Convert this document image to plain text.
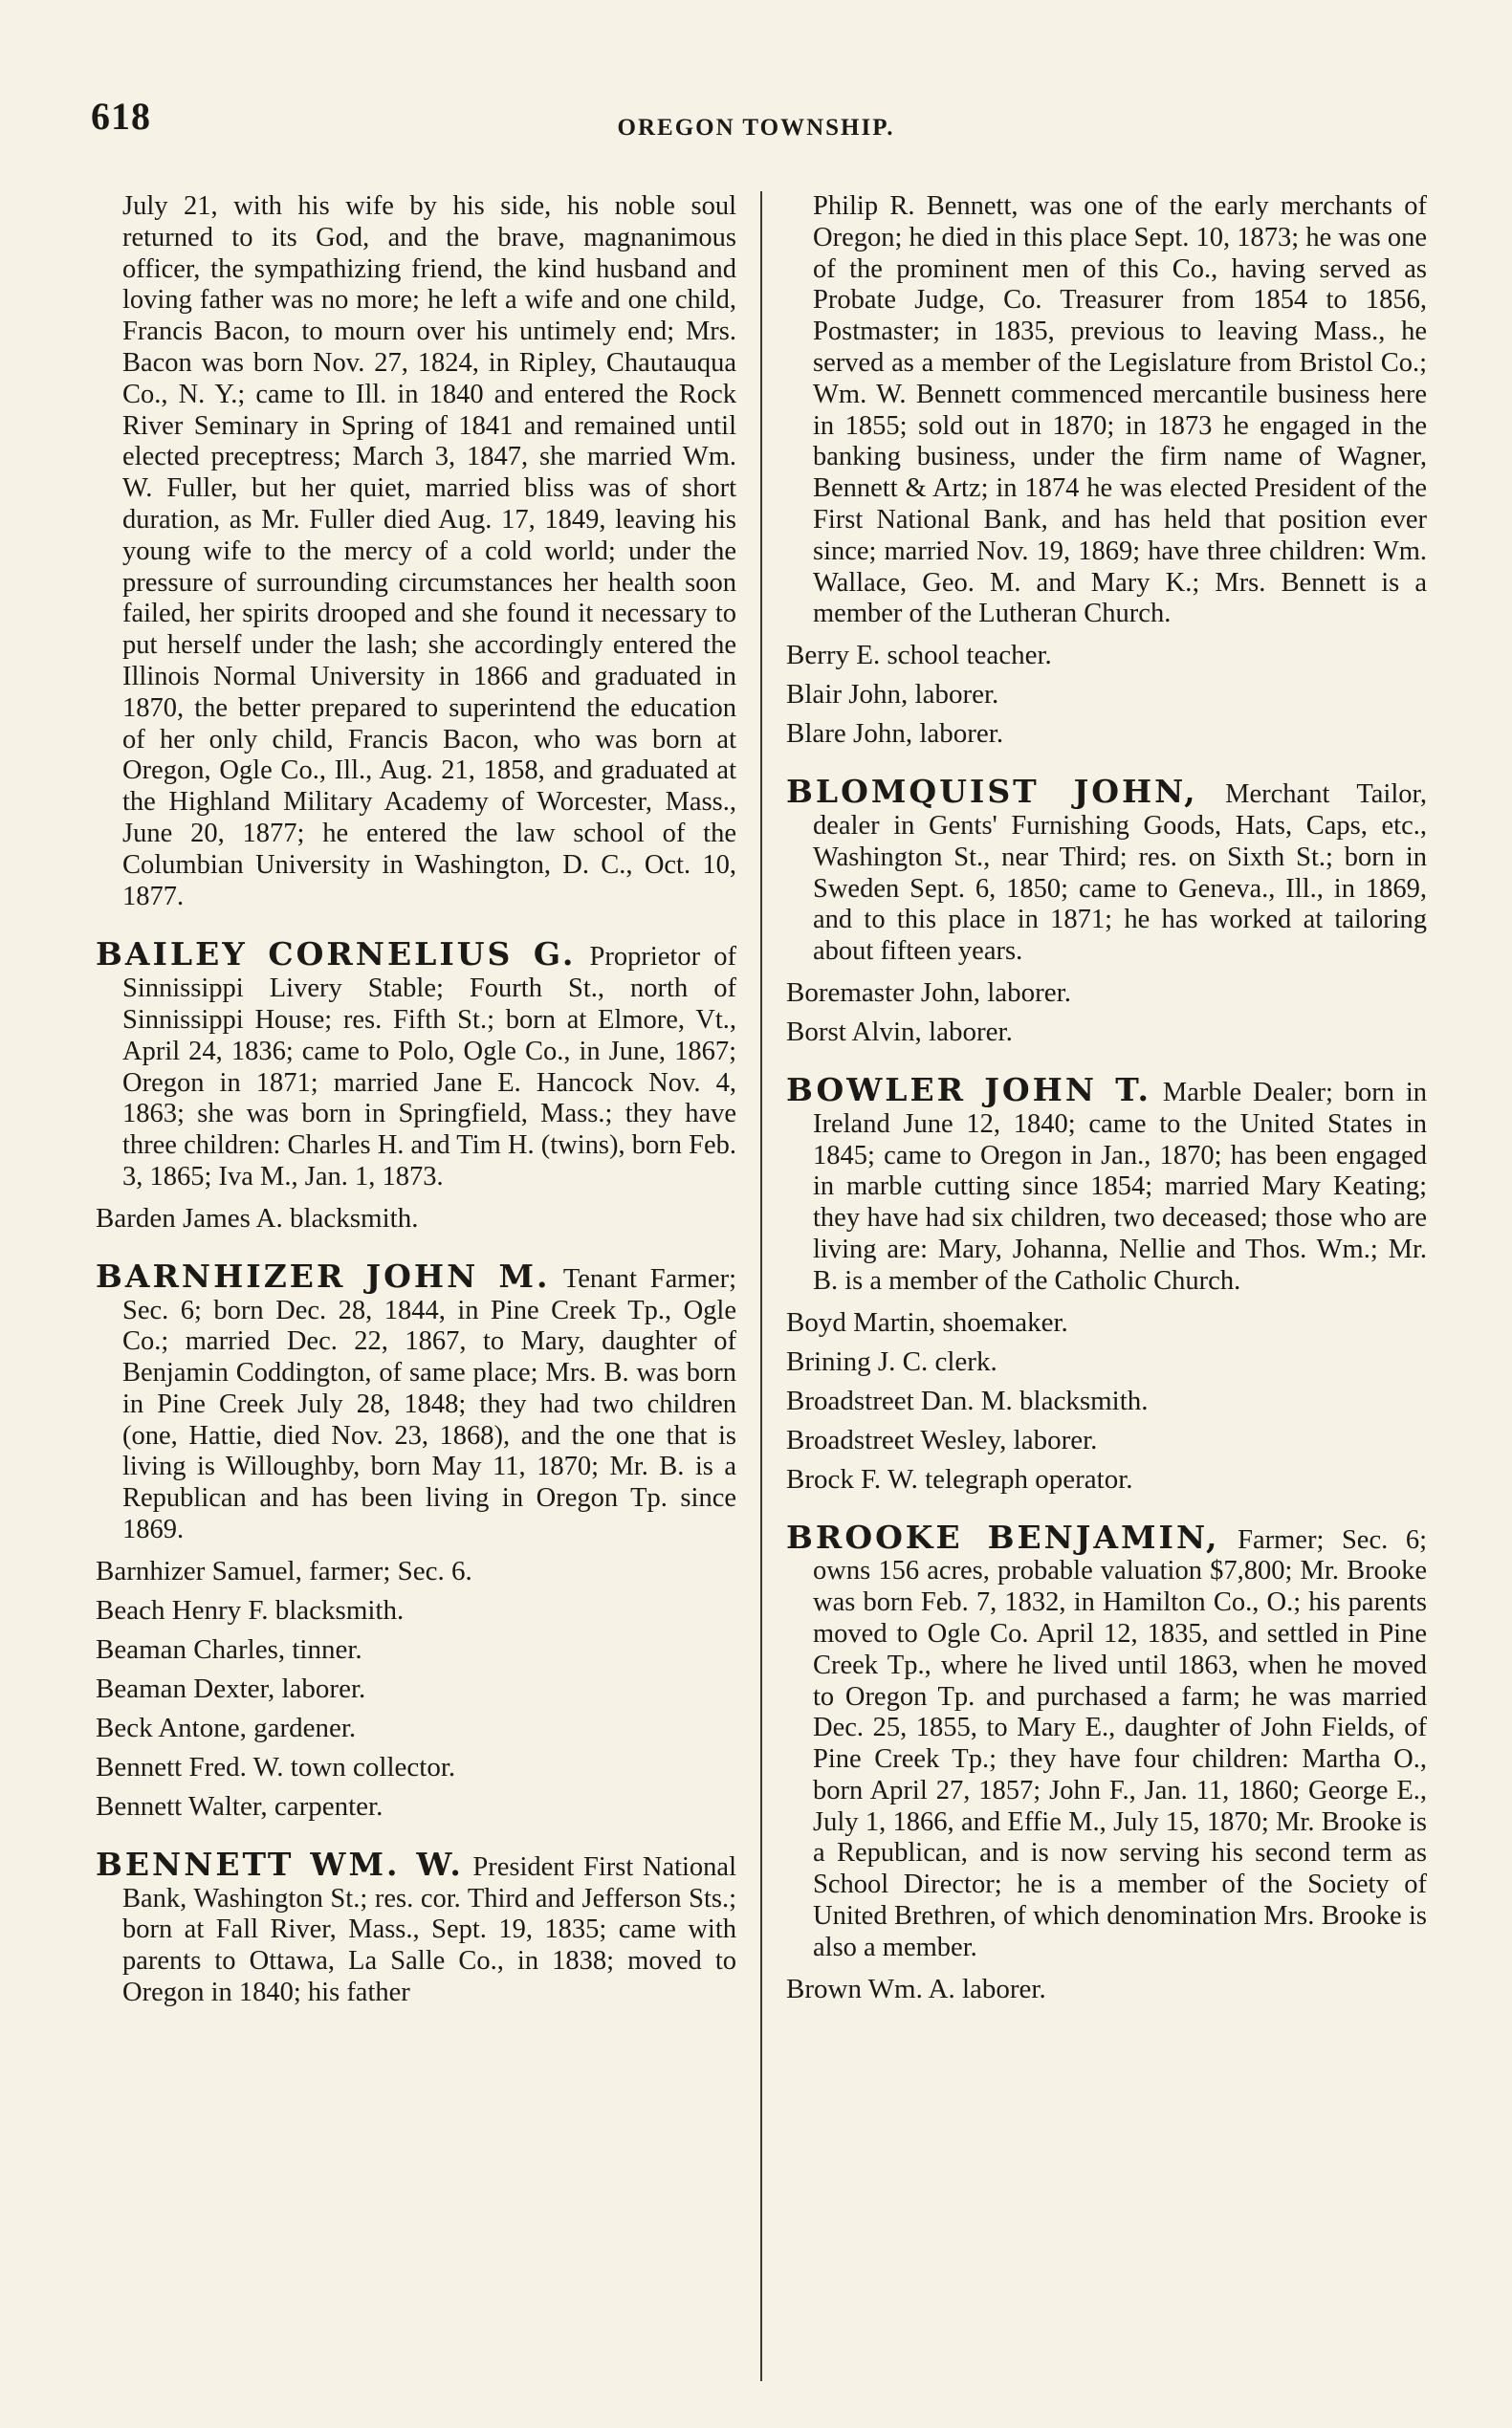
618	OREGON TOWNSHIP.

July 21, with his wife by his side, his noble soul returned to its God, and the brave, magnanimous officer, the sympathizing friend, the kind husband and loving father was no more; he left a wife and one child, Francis Bacon, to mourn over his untimely end; Mrs. Bacon was born Nov. 27, 1824, in Ripley, Chautauqua Co., N. Y.; came to Ill. in 1840 and entered the Rock River Seminary in Spring of 1841 and remained until elected preceptress; March 3, 1847, she married Wm. W. Fuller, but her quiet, married bliss was of short duration, as Mr. Fuller died Aug. 17, 1849, leaving his young wife to the mercy of a cold world; under the pressure of surrounding circumstances her health soon failed, her spirits drooped and she found it necessary to put herself under the lash; she accordingly entered the Illinois Normal University in 1866 and graduated in 1870, the better prepared to superintend the education of her only child, Francis Bacon, who was born at Oregon, Ogle Co., Ill., Aug. 21, 1858, and graduated at the Highland Military Academy of Worcester, Mass., June 20, 1877; he entered the law school of the Columbian University in Washington, D. C., Oct. 10, 1877.

BAILEY CORNELIUS G. Proprietor of Sinnissippi Livery Stable; Fourth St., north of Sinnissippi House; res. Fifth St.; born at Elmore, Vt., April 24, 1836; came to Polo, Ogle Co., in June, 1867; Oregon in 1871; married Jane E. Hancock Nov. 4, 1863; she was born in Springfield, Mass.; they have three children: Charles H. and Tim H. (twins), born Feb. 3, 1865; Iva M., Jan. 1, 1873.

Barden James A. blacksmith.

BARNHIZER JOHN M. Tenant Farmer; Sec. 6; born Dec. 28, 1844, in Pine Creek Tp., Ogle Co.; married Dec. 22, 1867, to Mary, daughter of Benjamin Coddington, of same place; Mrs. B. was born in Pine Creek July 28, 1848; they had two children (one, Hattie, died Nov. 23, 1868), and the one that is living is Willoughby, born May 11, 1870; Mr. B. is a Republican and has been living in Oregon Tp. since 1869.

Barnhizer Samuel, farmer; Sec. 6.

Beach Henry F. blacksmith.

Beaman Charles, tinner.

Beaman Dexter, laborer.

Beck Antone, gardener.

Bennett Fred. W. town collector.

Bennett Walter, carpenter.

BENNETT WM. W. President First National Bank, Washington St.; res. cor. Third and Jefferson Sts.; born at Fall River, Mass., Sept. 19, 1835; came with parents to Ottawa, La Salle Co., in 1838; moved to Oregon in 1840; his father

Philip R. Bennett, was one of the early merchants of Oregon; he died in this place Sept. 10, 1873; he was one of the prominent men of this Co., having served as Probate Judge, Co. Treasurer from 1854 to 1856, Postmaster; in 1835, previous to leaving Mass., he served as a member of the Legislature from Bristol Co.; Wm. W. Bennett commenced mercantile business here in 1855; sold out in 1870; in 1873 he engaged in the banking business, under the firm name of Wagner, Bennett & Artz; in 1874 he was elected President of the First National Bank, and has held that position ever since; married Nov. 19, 1869; have three children: Wm. Wallace, Geo. M. and Mary K.; Mrs. Bennett is a member of the Lutheran Church.

Berry E. school teacher.

Blair John, laborer.

Blare John, laborer.

BLOMQUIST JOHN, Merchant Tailor, dealer in Gents' Furnishing Goods, Hats, Caps, etc., Washington St., near Third; res. on Sixth St.; born in Sweden Sept. 6, 1850; came to Geneva., Ill., in 1869, and to this place in 1871; he has worked at tailoring about fifteen years.

Boremaster John, laborer.

Borst Alvin, laborer.

BOWLER JOHN T. Marble Dealer; born in Ireland June 12, 1840; came to the United States in 1845; came to Oregon in Jan., 1870; has been engaged in marble cutting since 1854; married Mary Keating; they have had six children, two deceased; those who are living are: Mary, Johanna, Nellie and Thos. Wm.; Mr. B. is a member of the Catholic Church.

Boyd Martin, shoemaker.

Brining J. C. clerk.

Broadstreet Dan. M. blacksmith.

Broadstreet Wesley, laborer.

Brock F. W. telegraph operator.

BROOKE BENJAMIN, Farmer; Sec. 6; owns 156 acres, probable valuation $7,800; Mr. Brooke was born Feb. 7, 1832, in Hamilton Co., O.; his parents moved to Ogle Co. April 12, 1835, and settled in Pine Creek Tp., where he lived until 1863, when he moved to Oregon Tp. and purchased a farm; he was married Dec. 25, 1855, to Mary E., daughter of John Fields, of Pine Creek Tp.; they have four children: Martha O., born April 27, 1857; John F., Jan. 11, 1860; George E., July 1, 1866, and Effie M., July 15, 1870; Mr. Brooke is a Republican, and is now serving his second term as School Director; he is a member of the Society of United Brethren, of which denomination Mrs. Brooke is also a member.

Brown Wm. A. laborer.
